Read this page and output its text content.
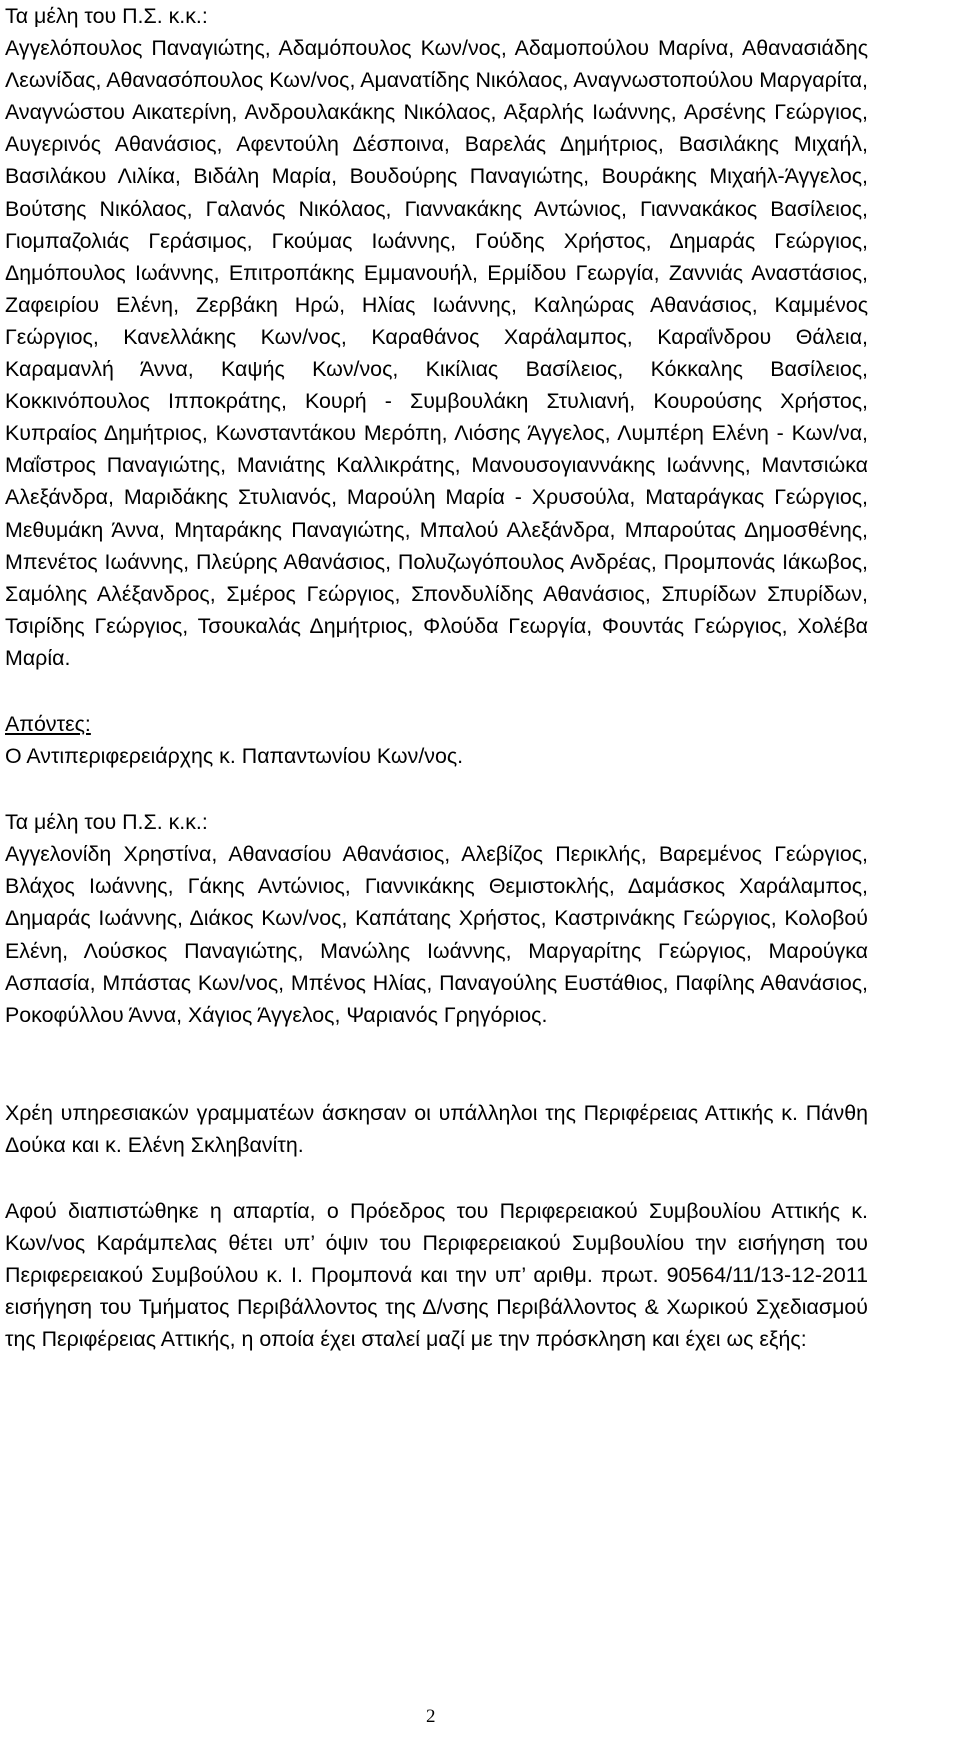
Τα μέλη του Π.Σ. κ.κ.:

Αγγελόπουλος Παναγιώτης, Αδαμόπουλος Κων/νος, Αδαμοπούλου Μαρίνα, Αθανασιάδης Λεωνίδας, Αθανασόπουλος Κων/νος, Αμανατίδης Νικόλαος, Αναγνωστοπούλου Μαργαρίτα, Αναγνώστου Αικατερίνη, Ανδρουλακάκης Νικόλαος, Αξαρλής Ιωάννης, Αρσένης Γεώργιος, Αυγερινός Αθανάσιος, Αφεντούλη Δέσποινα, Βαρελάς Δημήτριος, Βασιλάκης Μιχαήλ, Βασιλάκου Λιλίκα, Βιδάλη Μαρία, Βουδούρης Παναγιώτης, Βουράκης Μιχαήλ-Άγγελος, Βούτσης Νικόλαος, Γαλανός Νικόλαος, Γιαννακάκης Αντώνιος, Γιαννακάκος Βασίλειος, Γιομπαζολιάς Γεράσιμος, Γκούμας Ιωάννης, Γούδης Χρήστος, Δημαράς Γεώργιος, Δημόπουλος Ιωάννης, Επιτροπάκης Εμμανουήλ, Ερμίδου Γεωργία, Ζαννιάς Αναστάσιος, Ζαφειρίου Ελένη, Ζερβάκη Ηρώ, Ηλίας Ιωάννης, Καληώρας Αθανάσιος, Καμμένος Γεώργιος, Κανελλάκης Κων/νος, Καραθάνος Χαράλαμπος, Καραΐνδρου Θάλεια, Καραμανλή Άννα, Καψής Κων/νος, Κικίλιας Βασίλειος, Κόκκαλης Βασίλειος, Κοκκινόπουλος Ιπποκράτης, Κουρή - Συμβουλάκη Στυλιανή, Κουρούσης Χρήστος, Κυπραίος Δημήτριος, Κωνσταντάκου Μερόπη, Λιόσης Άγγελος, Λυμπέρη Ελένη - Κων/να, Μαΐστρος Παναγιώτης, Μανιάτης Καλλικράτης, Μανουσογιαννάκης Ιωάννης, Μαντσιώκα Αλεξάνδρα, Μαριδάκης Στυλιανός, Μαρούλη Μαρία - Χρυσούλα, Ματαράγκας Γεώργιος, Μεθυμάκη Άννα, Μηταράκης Παναγιώτης, Μπαλού Αλεξάνδρα, Μπαρούτας Δημοσθένης, Μπενέτος Ιωάννης, Πλεύρης Αθανάσιος, Πολυζωγόπουλος Ανδρέας, Προμπονάς Ιάκωβος, Σαμόλης Αλέξανδρος, Σμέρος Γεώργιος, Σπονδυλίδης Αθανάσιος, Σπυρίδων Σπυρίδων, Τσιρίδης Γεώργιος, Τσουκαλάς Δημήτριος, Φλούδα Γεωργία, Φουντάς Γεώργιος, Χολέβα Μαρία.

Απόντες:

Ο Αντιπεριφερειάρχης κ. Παπαντωνίου Κων/νος.

Τα μέλη του Π.Σ. κ.κ.:

Αγγελονίδη Χρηστίνα, Αθανασίου Αθανάσιος, Αλεβίζος Περικλής, Βαρεμένος Γεώργιος, Βλάχος Ιωάννης, Γάκης Αντώνιος, Γιαννικάκης Θεμιστοκλής, Δαμάσκος Χαράλαμπος, Δημαράς Ιωάννης, Διάκος Κων/νος, Καπάταης Χρήστος, Καστρινάκης Γεώργιος, Κολοβού Ελένη, Λούσκος Παναγιώτης, Μανώλης Ιωάννης, Μαργαρίτης Γεώργιος, Μαρούγκα Ασπασία, Μπάστας Κων/νος, Μπένος Ηλίας, Παναγούλης Ευστάθιος, Παφίλης Αθανάσιος, Ροκοφύλλου Άννα, Χάγιος Άγγελος, Ψαριανός Γρηγόριος.

Χρέη υπηρεσιακών γραμματέων άσκησαν οι υπάλληλοι της Περιφέρειας Αττικής κ. Πάνθη Δούκα και κ. Ελένη Σκληβανίτη.

Αφού διαπιστώθηκε η απαρτία, ο Πρόεδρος του Περιφερειακού Συμβουλίου Αττικής κ. Κων/νος Καράμπελας θέτει υπ’ όψιν του Περιφερειακού Συμβουλίου την εισήγηση του Περιφερειακού Συμβούλου κ. Ι. Προμπονά και την υπ’ αριθμ. πρωτ. 90564/11/13-12-2011 εισήγηση του Τμήματος Περιβάλλοντος της Δ/νσης Περιβάλλοντος & Χωρικού Σχεδιασμού της Περιφέρειας Αττικής, η οποία έχει σταλεί μαζί με την πρόσκληση και έχει ως εξής:

2
